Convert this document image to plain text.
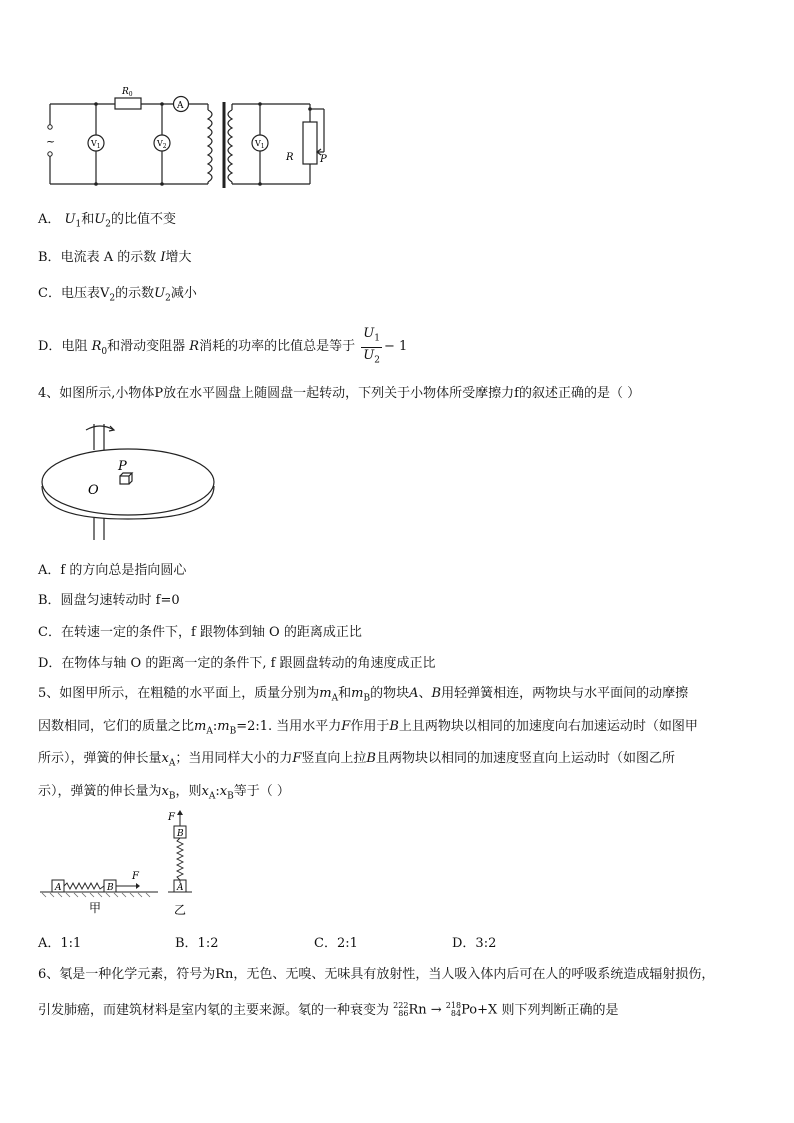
~
$R_0$
A
$V_1$	$V_2$	$V_1$
R	P
A． $U_1$和$U_2$的比值不变
B．电流表 A 的示数 I增大
C．电压表$V_2$的示数$U_2$减小
D．电阻 $R_0$和滑动变阻器 R消耗的功率的比值总是等于 $\frac{U_1}{U_2} - 1$
4、如图所示,小物体P放在水平圆盘上随圆盘一起转动，下列关于小物体所受摩擦力f的叙述正确的是（ ）
O
P
A．f 的方向总是指向圆心
B．圆盘匀速转动时 f=0
C．在转速一定的条件下，f 跟物体到轴 O 的距离成正比
D．在物体与轴 O 的距离一定的条件下, f 跟圆盘转动的角速度成正比
5、如图甲所示，在粗糙的水平面上，质量分别为$m_A$和$m_B$的物块A、B用轻弹簧相连，两物块与水平面间的动摩擦
因数相同，它们的质量之比$m_A:m_B=2:1$. 当用水平力F作用于B上且两物块以相同的加速度向右加速运动时（如图甲
所示），弹簧的伸长量$x_A$；当用同样大小的力F竖直向上拉B且两物块以相同的加速度竖直向上运动时（如图乙所
示），弹簧的伸长量为$x_B$，则$x_A:x_B$等于（ ）
A	B
F
甲
B
A
F
乙
A．1:1	B．1:2	C．2:1	D．3:2
6、氡是一种化学元素，符号为Rn，无色、无嗅、无味具有放射性，当人吸入体内后可在人的呼吸系统造成辐射损伤，
引发肺癌，而建筑材料是室内氡的主要来源。氡的一种衰变为 222
86 Rn → 218
84 Po+X 则下列判断正确的是
